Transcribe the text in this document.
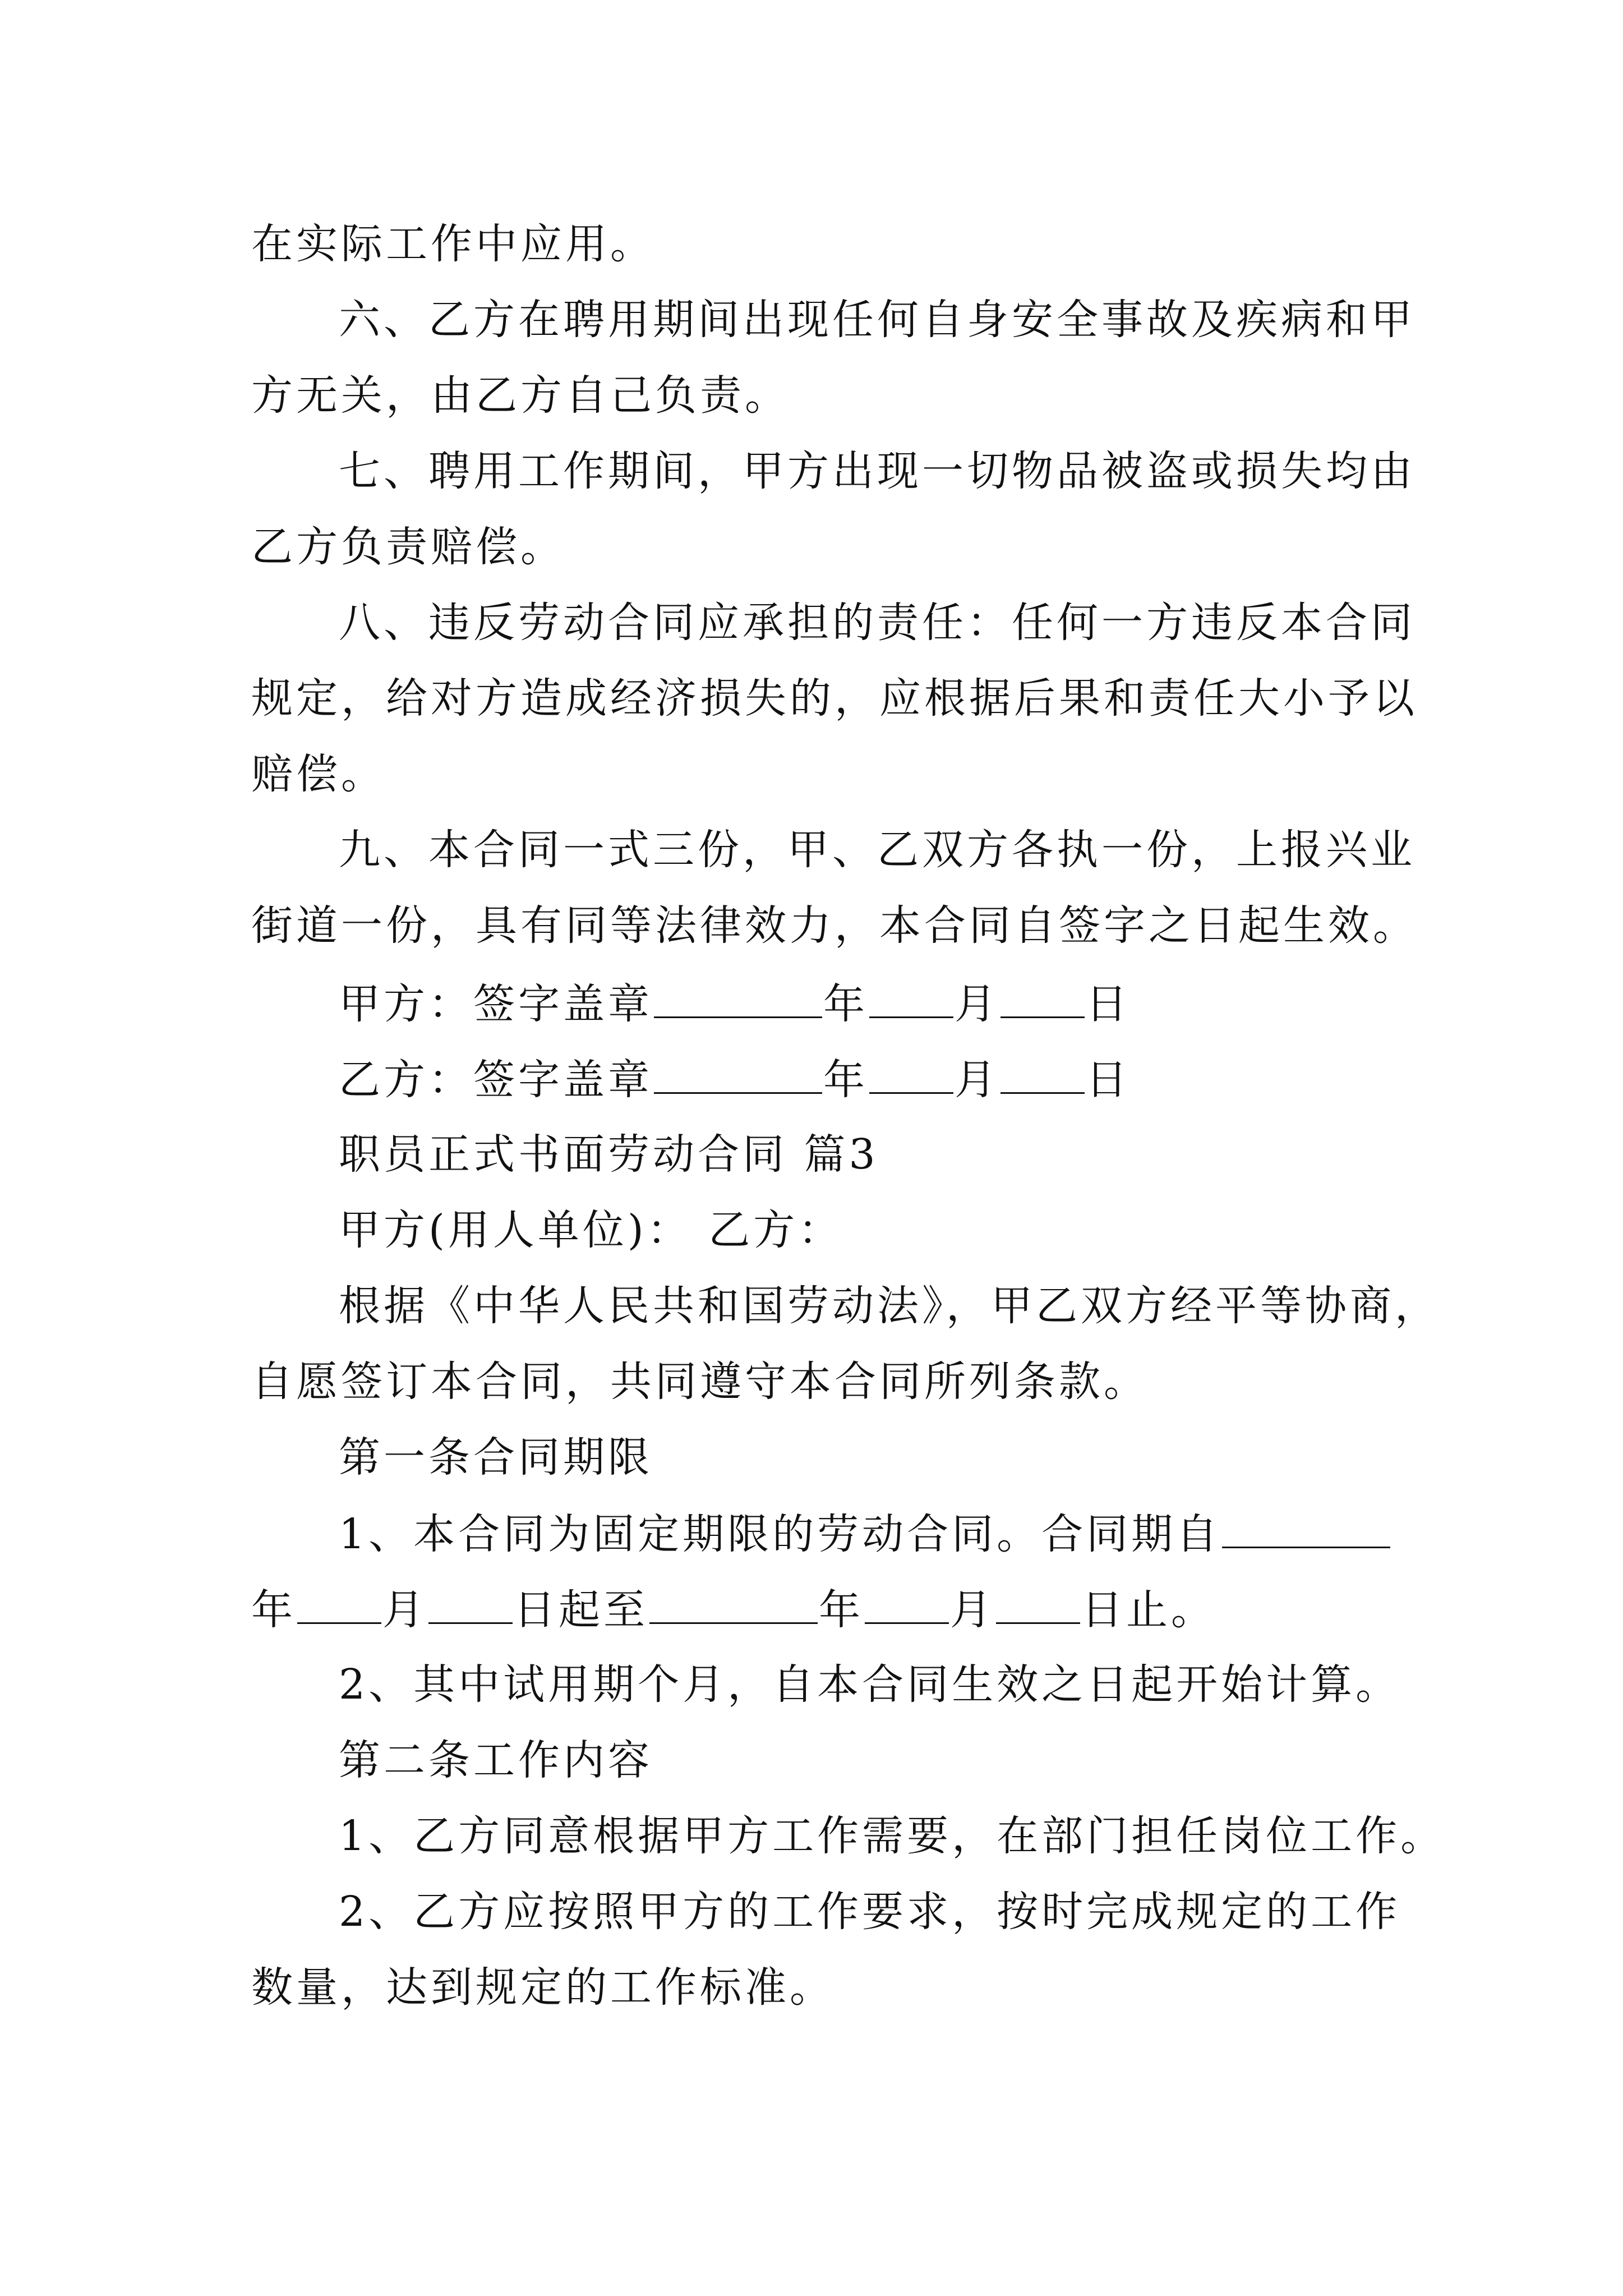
在实际工作中应用。
六、乙方在聘用期间出现任何自身安全事故及疾病和甲
方无关，由乙方自己负责。
七、聘用工作期间，甲方出现一切物品被盗或损失均由
乙方负责赔偿。
八、违反劳动合同应承担的责任：任何一方违反本合同
规定，给对方造成经济损失的，应根据后果和责任大小予以
赔偿。
九、本合同一式三份，甲、乙双方各执一份，上报兴业
街道一份，具有同等法律效力，本合同自签字之日起生效。
甲方：签字盖章	年 月 日
乙方：签字盖章	年 月 日
职员正式书面劳动合同 篇3
甲方(用人单位)： 乙方：
根据《中华人民共和国劳动法》，甲乙双方经平等协商，
自愿签订本合同，共同遵守本合同所列条款。
第一条合同期限
1、本合同为固定期限的劳动合同。合同期自
年 月 日起至	年 月 日止。
2、其中试用期个月，自本合同生效之日起开始计算。
第二条工作内容
1、乙方同意根据甲方工作需要，在部门担任岗位工作。
2、乙方应按照甲方的工作要求，按时完成规定的工作
数量，达到规定的工作标准。
